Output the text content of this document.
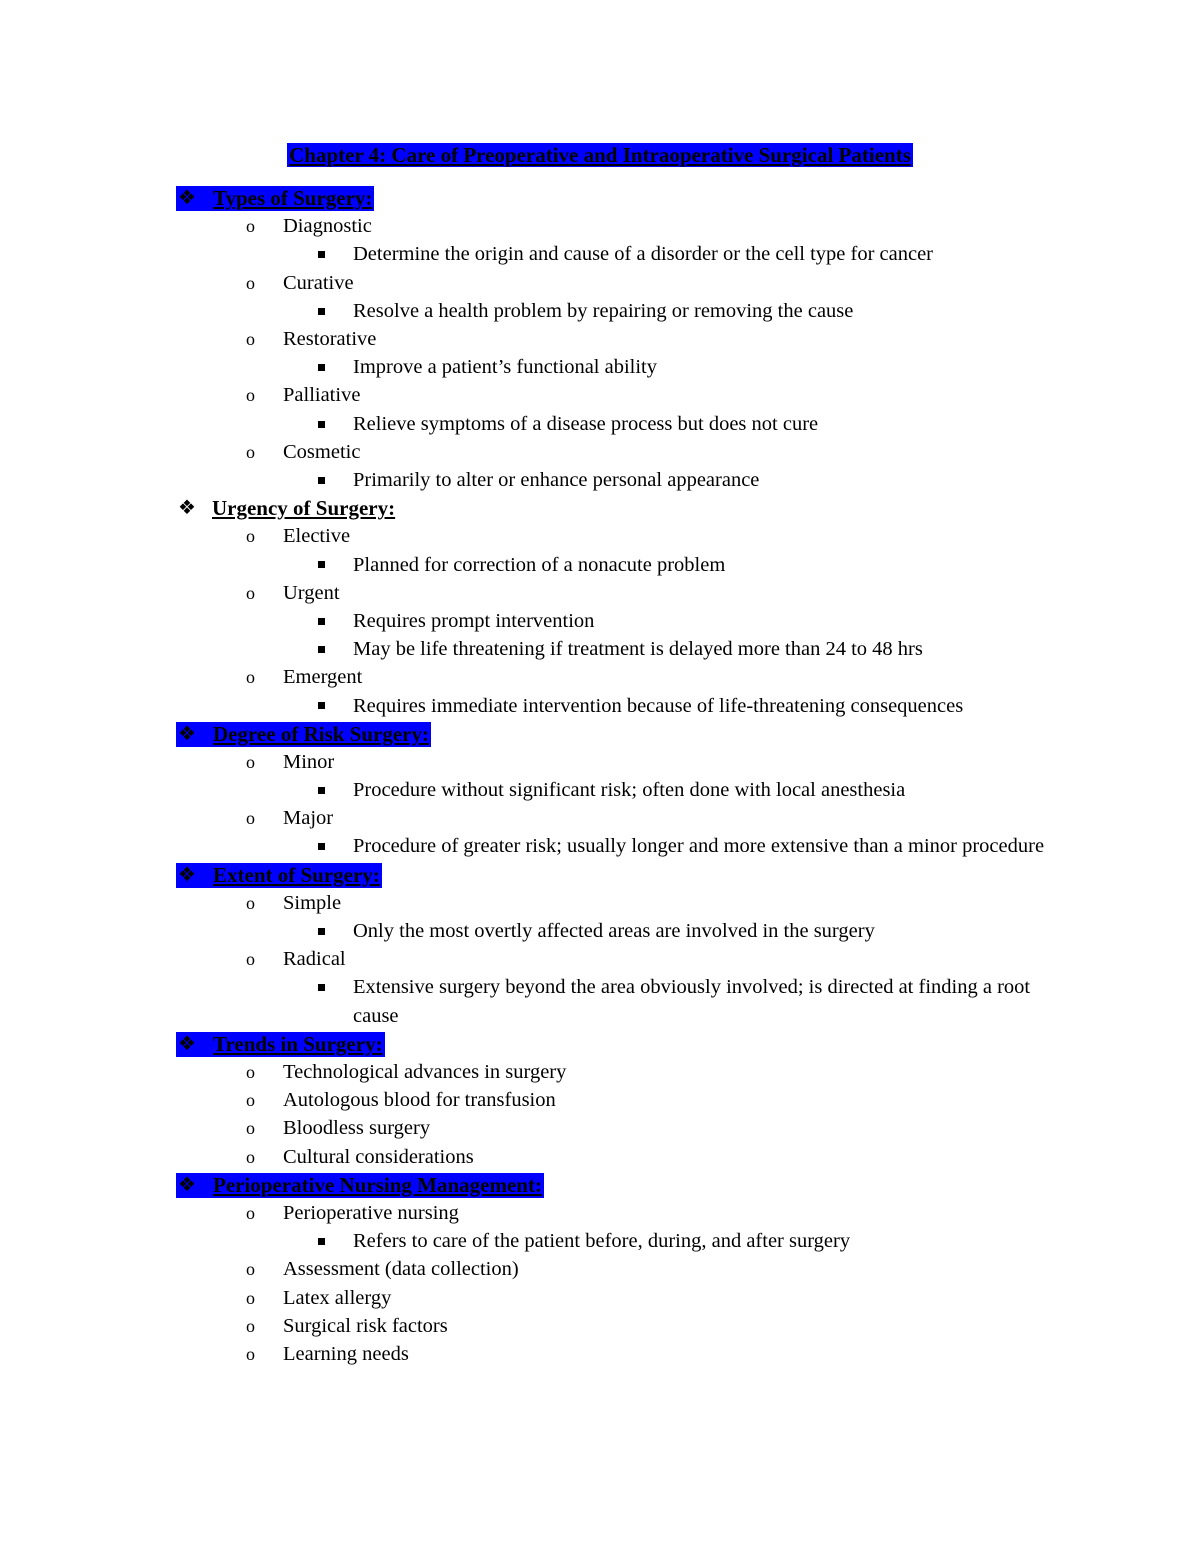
Chapter 4: Care of Preoperative and Intraoperative Surgical Patients
Types of Surgery:
❖
o Diagnostic
Determine the origin and cause of a disorder or the cell type for cancer
o Curative
Resolve a health problem by repairing or removing the cause
o Restorative
Improve a patient’s functional ability
o Palliative
Relieve symptoms of a disease process but does not cure
o Cosmetic
Primarily to alter or enhance personal appearance
Urgency of Surgery:
❖
o Elective
Planned for correction of a nonacute problem
o Urgent
Requires prompt intervention
May be life threatening if treatment is delayed more than 24 to 48 hrs
o Emergent
Requires immediate intervention because of life-threatening consequences
Degree of Risk Surgery:
❖
o Minor
Procedure without significant risk; often done with local anesthesia
o Major
Procedure of greater risk; usually longer and more extensive than a minor procedure
Extent of Surgery:
❖
o Simple
Only the most overtly affected areas are involved in the surgery
o Radical
Extensive surgery beyond the area obviously involved; is directed at finding a root cause
Trends in Surgery:
❖
o Technological advances in surgery
o Autologous blood for transfusion
o Bloodless surgery
o Cultural considerations
Perioperative Nursing Management:
❖
o Perioperative nursing
Refers to care of the patient before, during, and after surgery
o Assessment (data collection)
o Latex allergy
o Surgical risk factors
o Learning needs
